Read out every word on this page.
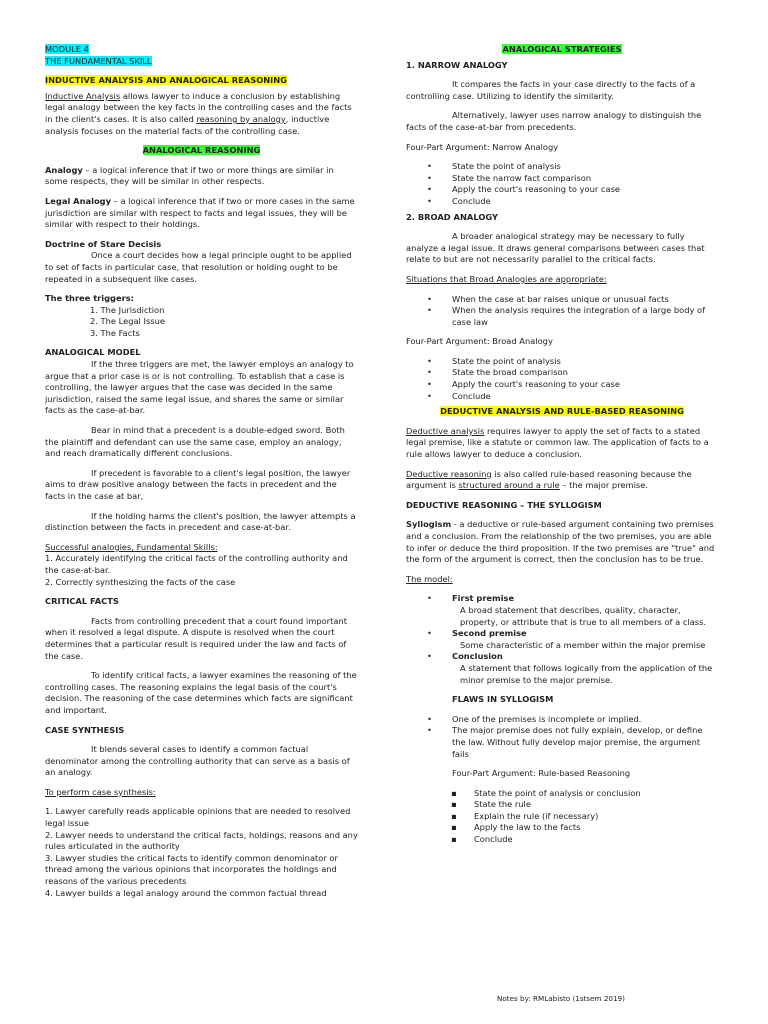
MODULE 4

THE FUNDAMENTAL SKILL

INDUCTIVE ANALYSIS AND ANALOGICAL REASONING

Inductive Analysis allows lawyer to induce a conclusion by establishing legal analogy between the key facts in the controlling cases and the facts in the client's cases. It is also called reasoning by analogy, inductive analysis focuses on the material facts of the controlling case.

ANALOGICAL REASONING

Analogy – a logical inference that if two or more things are similar in some respects, they will be similar in other respects.

Legal Analogy – a logical inference that if two or more cases in the same jurisdiction are similar with respect to facts and legal issues, they will be similar with respect to their holdings.

Doctrine of Stare Decisis

Once a court decides how a legal principle ought to be applied to set of facts in particular case, that resolution or holding ought to be repeated in a subsequent like cases.

The three triggers:

1. The Jurisdiction

2. The Legal Issue

3. The Facts

ANALOGICAL MODEL

If the three triggers are met, the lawyer employs an analogy to argue that a prior case is or is not controlling. To establish that a case is controlling, the lawyer argues that the case was decided in the same jurisdiction, raised the same legal issue, and shares the same or similar facts as the case-at-bar.

Bear in mind that a precedent is a double-edged sword. Both the plaintiff and defendant can use the same case, employ an analogy, and reach dramatically different conclusions.

If precedent is favorable to a client's legal position, the lawyer aims to draw positive analogy between the facts in precedent and the facts in the case at bar,

If the holding harms the client's position, the lawyer attempts a distinction between the facts in precedent and case-at-bar.

Successful analogies, Fundamental Skills:

1. Accurately identifying the critical facts of the controlling authority and the case-at-bar.

2. Correctly synthesizing the facts of the case

CRITICAL FACTS

Facts from controlling precedent that a court found important when it resolved a legal dispute. A dispute is resolved when the court determines that a particular result is required under the law and facts of the case.

To identify critical facts, a lawyer examines the reasoning of the controlling cases. The reasoning explains the legal basis of the court's decision. The reasoning of the case determines which facts are significant and important.

CASE SYNTHESIS

It blends several cases to identify a common factual denominator among the controlling authority that can serve as a basis of an analogy.

To perform case synthesis:

1. Lawyer carefully reads applicable opinions that are needed to resolved legal issue

2. Lawyer needs to understand the critical facts, holdings, reasons and any rules articulated in the authority

3. Lawyer studies the critical facts to identify common denominator or thread among the various opinions that incorporates the holdings and reasons of the various precedents

4. Lawyer builds a legal analogy around the common factual thread

ANALOGICAL STRATEGIES

1. NARROW ANALOGY

It compares the facts in your case directly to the facts of a controlling case. Utilizing to identify the similarity.

Alternatively, lawyer uses narrow analogy to distinguish the facts of the case-at-bar from precedents.

Four-Part Argument: Narrow Analogy

• State the point of analysis
• State the narrow fact comparison
• Apply the court's reasoning to your case
• Conclude

2. BROAD ANALOGY

A broader analogical strategy may be necessary to fully analyze a legal issue. It draws general comparisons between cases that relate to but are not necessarily parallel to the critical facts.

Situations that Broad Analogies are appropriate:

• When the case at bar raises unique or unusual facts
• When the analysis requires the integration of a large body of case law

Four-Part Argument: Broad Analogy

• State the point of analysis
• State the broad comparison
• Apply the court's reasoning to your case
• Conclude

DEDUCTIVE ANALYSIS AND RULE-BASED REASONING

Deductive analysis requires lawyer to apply the set of facts to a stated legal premise, like a statute or common law. The application of facts to a rule allows lawyer to deduce a conclusion.

Deductive reasoning is also called rule-based reasoning because the argument is structured around a rule – the major premise.

DEDUCTIVE REASONING – THE SYLLOGISM

Syllogism - a deductive or rule-based argument containing two premises and a conclusion. From the relationship of the two premises, you are able to infer or deduce the third proposition. If the two premises are "true" and the form of the argument is correct, then the conclusion has to be true.

The model:

• First premise
A broad statement that describes, quality, character, property, or attribute that is true to all members of a class.
• Second premise
Some characteristic of a member within the major premise
• Conclusion
A statement that follows logically from the application of the minor premise to the major premise.

FLAWS IN SYLLOGISM

• One of the premises is incomplete or implied.
• The major premise does not fully explain, develop, or define the law. Without fully develop major premise, the argument fails

Four-Part Argument: Rule-based Reasoning

▪ State the point of analysis or conclusion
▪ State the rule
▪ Explain the rule (if necessary)
▪ Apply the law to the facts
▪ Conclude
Notes by: RMLabisto (1stsem 2019)
